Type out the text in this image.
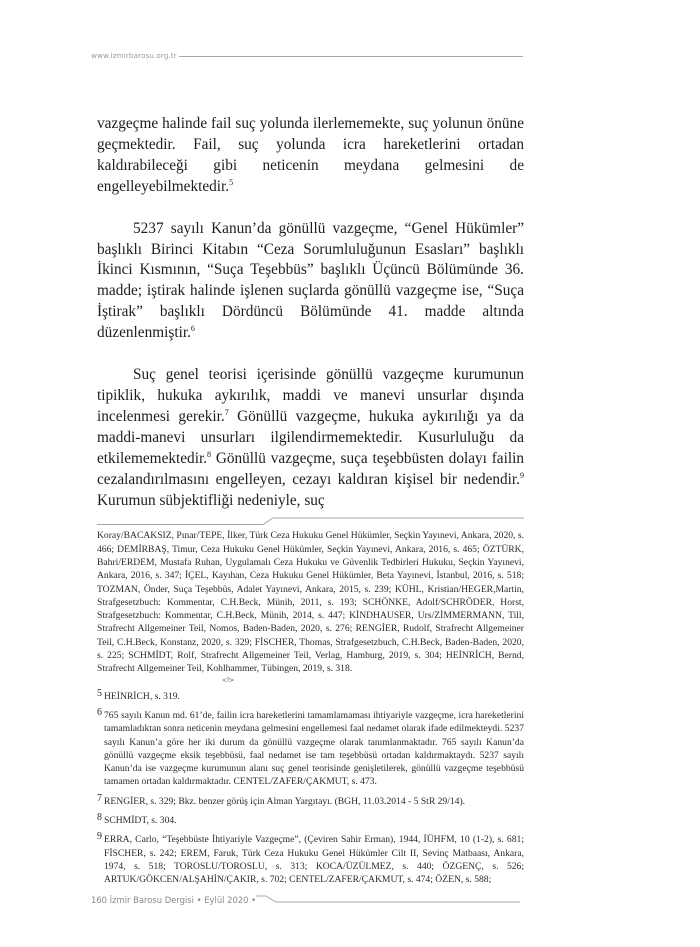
www.izmirbarosu.org.tr

vazgeçme halinde fail suç yolunda ilerlememekte, suç yolunun önüne geçmektedir. Fail, suç yolunda icra hareketlerini ortadan kaldırabileceği gibi neticenin meydana gelmesini de engelleyebilmektedir.$^5$

5237 sayılı Kanun’da gönüllü vazgeçme, “Genel Hükümler” başlıklı Birinci Kitabın “Ceza Sorumluluğunun Esasları” başlıklı İkinci Kısmının, “Suça Teşebbüs” başlıklı Üçüncü Bölümünde 36. madde; iştirak halinde işlenen suçlarda gönüllü vazgeçme ise, “Suça İştirak” başlıklı Dördüncü Bölümünde 41. madde altında düzenlenmiştir.$^6$

Suç genel teorisi içerisinde gönüllü vazgeçme kurumunun tipiklik, hukuka aykırılık, maddi ve manevi unsurlar dışında incelenmesi gerekir.$^7$ Gönüllü vazgeçme, hukuka aykırılığı ya da maddi-manevi unsurları ilgilendirmemektedir. Kusurluluğu da etkilememektedir.$^8$ Gönüllü vazgeçme, suça teşebbüsten dolayı failin cezalandırılmasını engelleyen, cezayı kaldıran kişisel bir nedendir.$^9$ Kurumun sübjektifliği nedeniyle, suç

Koray/BACAKSIZ, Pınar/TEPE, İlker, Türk Ceza Hukuku Genel Hükümler, Seçkin Yayınevi, Ankara, 2020, s. 466; DEMİRBAŞ, Timur, Ceza Hukuku Genel Hükümler, Seçkin Yayınevi, Ankara, 2016, s. 465; ÖZTÜRK, Bahri/ERDEM, Mustafa Ruhan, Uygulamalı Ceza Hukuku ve Güvenlik Tedbirleri Hukuku, Seçkin Yayınevi, Ankara, 2016, s. 347; İÇEL, Kayıhan, Ceza Hukuku Genel Hükümler, Beta Yayınevi, İstanbul, 2016, s. 518; TOZMAN, Önder, Suça Teşebbüs, Adalet Yayınevi, Ankara, 2015, s. 239; KÜHL, Kristian/HEGER,Martin, Strafgesetzbuch: Kommentar, C.H.Beck, Münih, 2011, s. 193; SCHÖNKE, Adolf/SCHRÖDER, Horst, Strafgesetzbuch: Kommentar, C.H.Beck, Münih, 2014, s. 447; KİNDHAUSER, Urs/ZİMMERMANN, Till, Strafrecht Allgemeiner Teil, Nomos, Baden-Baden, 2020, s. 276; RENGİER, Rudolf, Strafrecht Allgemeiner Teil, C.H.Beck, Konstanz, 2020, s. 329; FİSCHER, Thomas, Strafgesetzbuch, C.H.Beck, Baden-Baden, 2020, s. 225; SCHMİDT, Rolf, Strafrecht Allgemeiner Teil, Verlag, Hamburg, 2019, s. 304; HEİNRİCH, Bernd, Strafrecht Allgemeiner Teil, Kohlhammer, Tübingen, 2019, s. 318.

<?>
5 HEİNRİCH, s. 319.
6 765 sayılı Kanun md. 61’de, failin icra hareketlerini tamamlamaması ihtiyariyle vazgeçme, icra hareketlerini tamamladıktan sonra neticenin meydana gelmesini engellemesi faal nedamet olarak ifade edilmekteydi. 5237 sayılı Kanun’a göre her iki durum da gönüllü vazgeçme olarak tanımlanmaktadır. 765 sayılı Kanun’da gönüllü vazgeçme eksik teşebbüsü, faal nedamet ise tam teşebbüsü ortadan kaldırmaktaydı. 5237 sayılı Kanun’da ise vazgeçme kurumunun alanı suç genel teorisinde genişletilerek, gönüllü vazgeçme teşebbüsü tamamen ortadan kaldırmaktadır. CENTEL/ZAFER/ÇAKMUT, s. 473.
7 RENGİER, s. 329; Bkz. benzer görüş için Alman Yargıtayı. (BGH, 11.03.2014 - 5 StR 29/14).
8 SCHMİDT, s. 304.
9 ERRA, Carlo, “Teşebbüste İhtiyariyle Vazgeçme”, (Çeviren Sahir Erman), 1944, İÜHFM, 10 (1-2), s. 681; FİSCHER, s. 242; EREM, Faruk, Türk Ceza Hukuku Genel Hükümler Cilt II, Sevinç Matbaası, Ankara, 1974, s. 518; TOROSLU/TOROSLU, s. 313; KOCA/ÜZÜLMEZ, s. 440; ÖZGENÇ, s. 526; ARTUK/GÖKCEN/ALŞAHİN/ÇAKIR, s. 702; CENTEL/ZAFER/ÇAKMUT, s. 474; ÖZEN, s. 588;
160 İzmir Barosu Dergisi • Eylül 2020 •
